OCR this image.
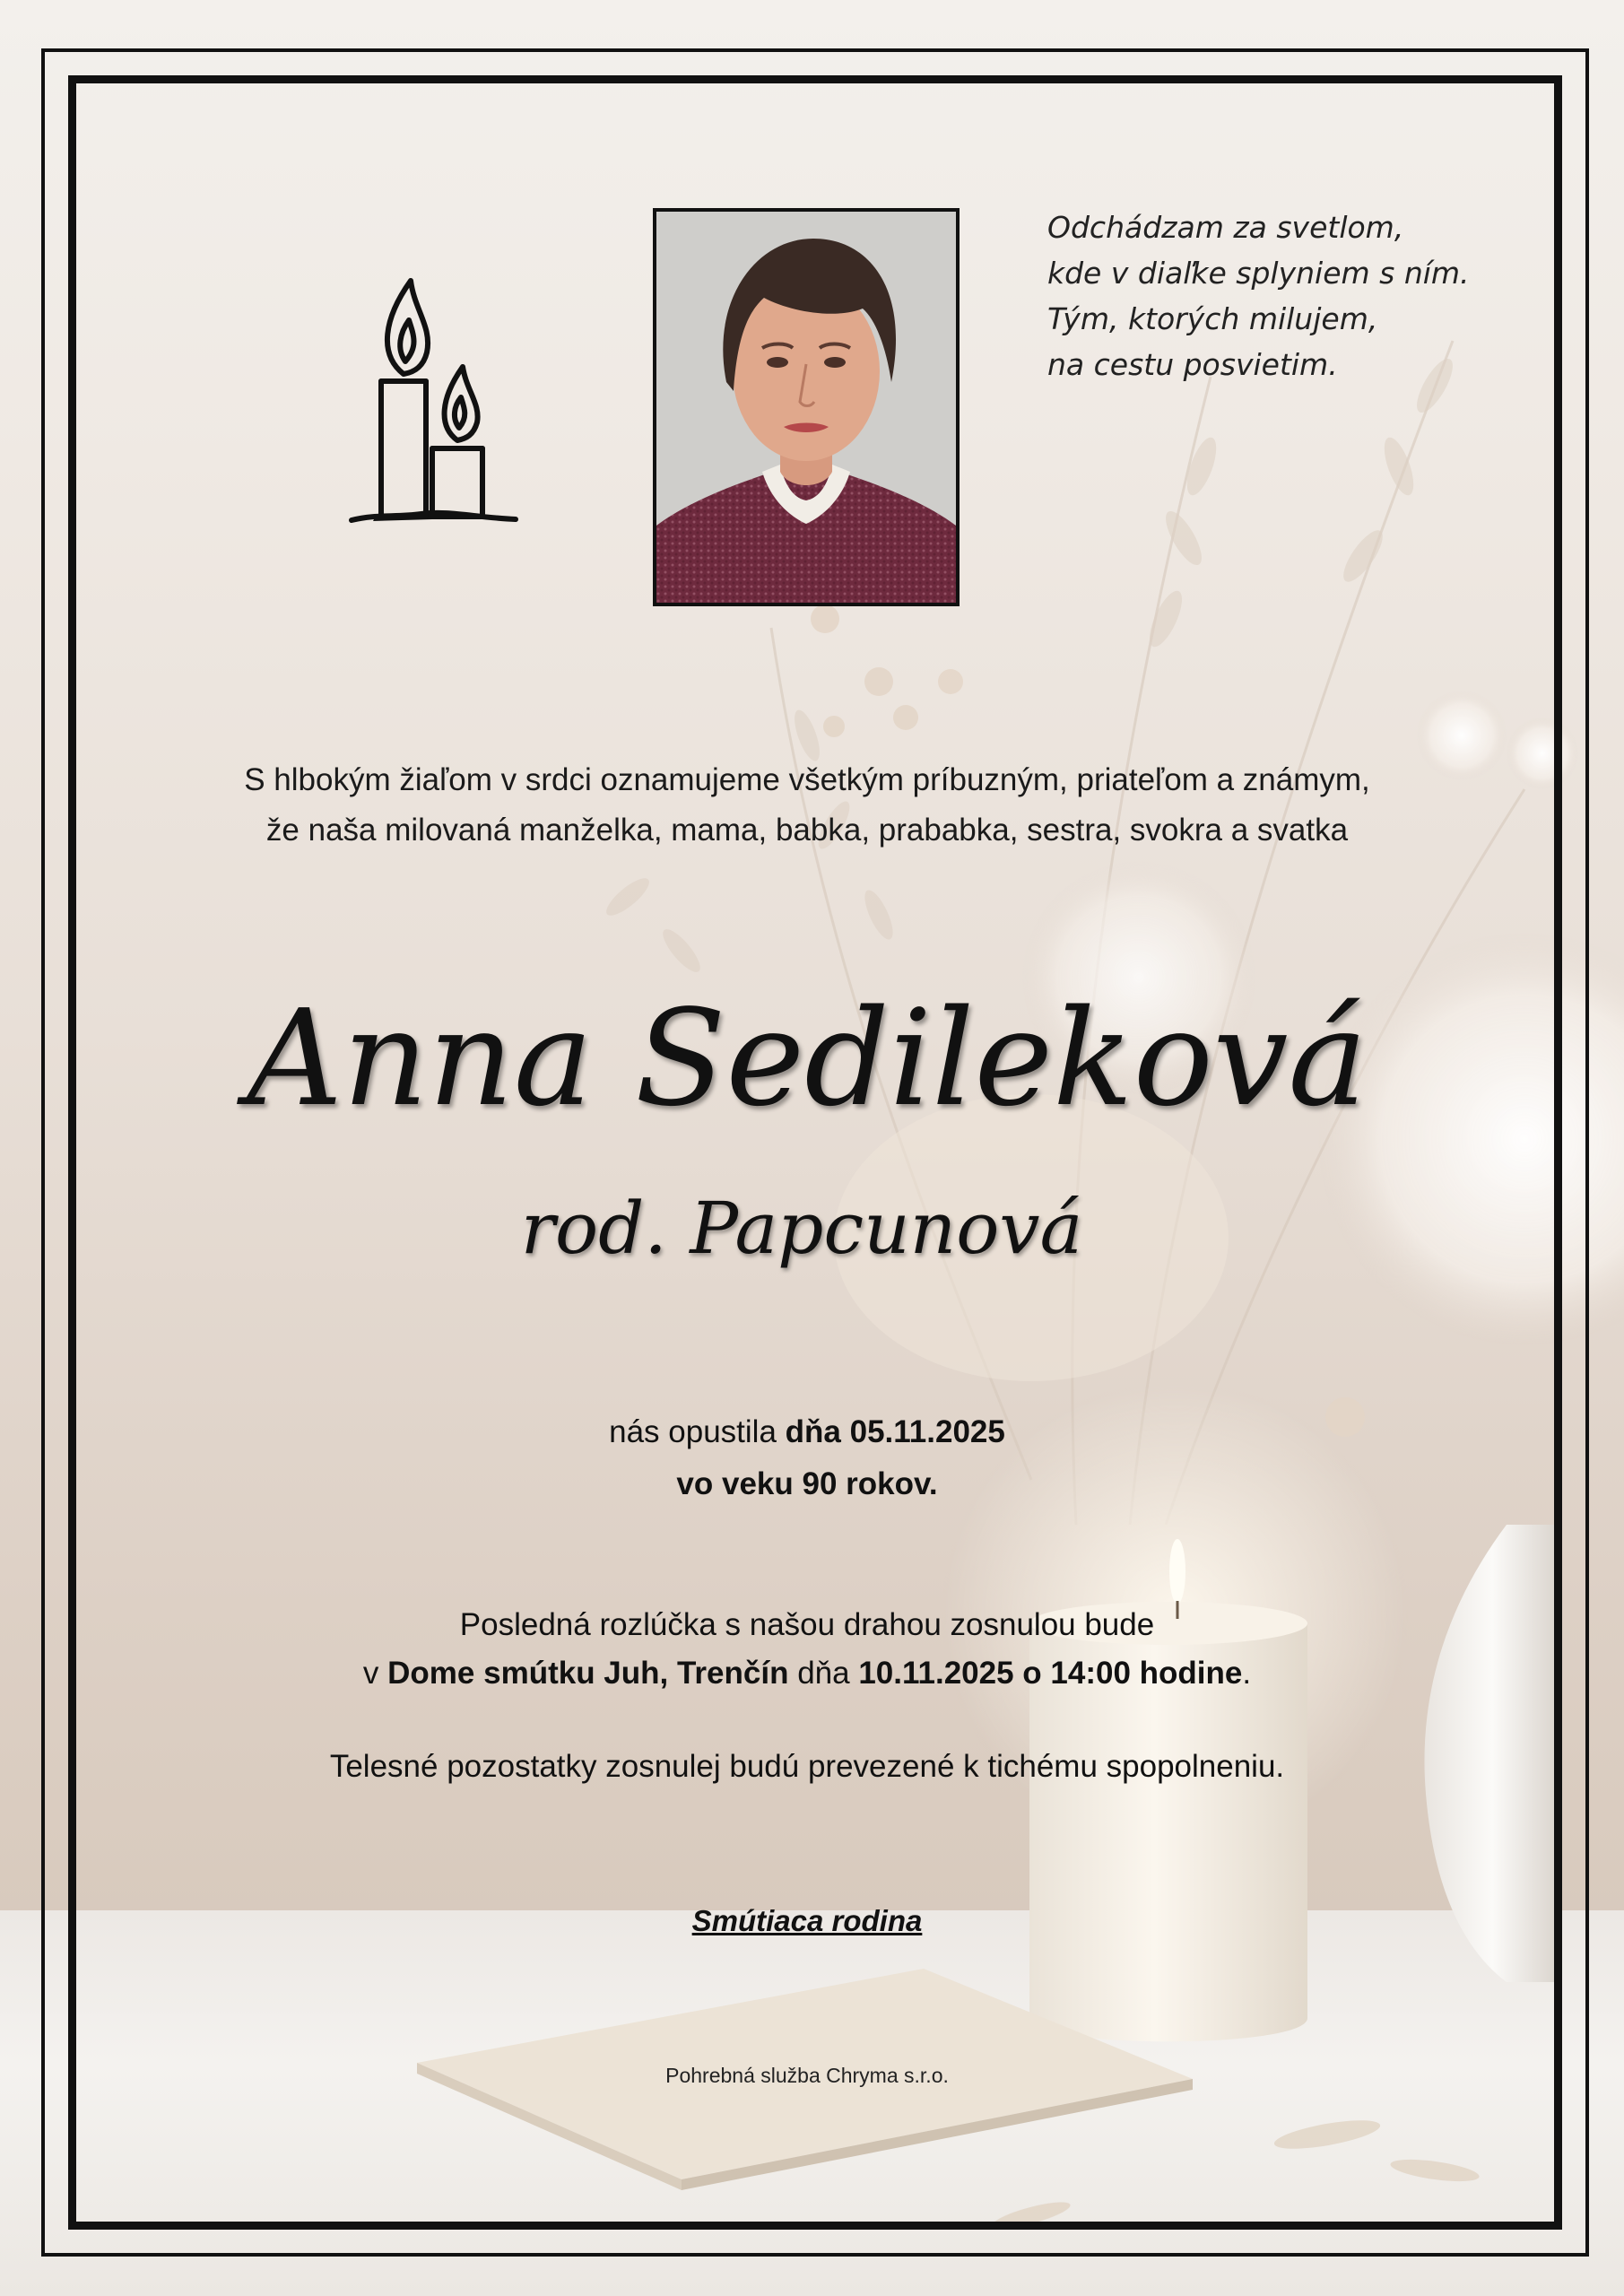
Odchádzam za svetlom,
kde v diaľke splyniem s ním.
Tým, ktorých milujem,
na cestu posvietim.
S hlbokým žiaľom v srdci oznamujeme všetkým príbuzným, priateľom a známym,
že naša milovaná manželka, mama, babka, prababka, sestra, svokra a svatka
Anna Sedileková
rod. Papcunová
nás opustila dňa 05.11.2025
vo veku 90 rokov.
Posledná rozlúčka s našou drahou zosnulou bude
v Dome smútku Juh, Trenčín dňa 10.11.2025 o 14:00 hodine.
Telesné pozostatky zosnulej budú prevezené k tichému spopolneniu.
Smútiaca rodina
Pohrebná služba Chryma s.r.o.
